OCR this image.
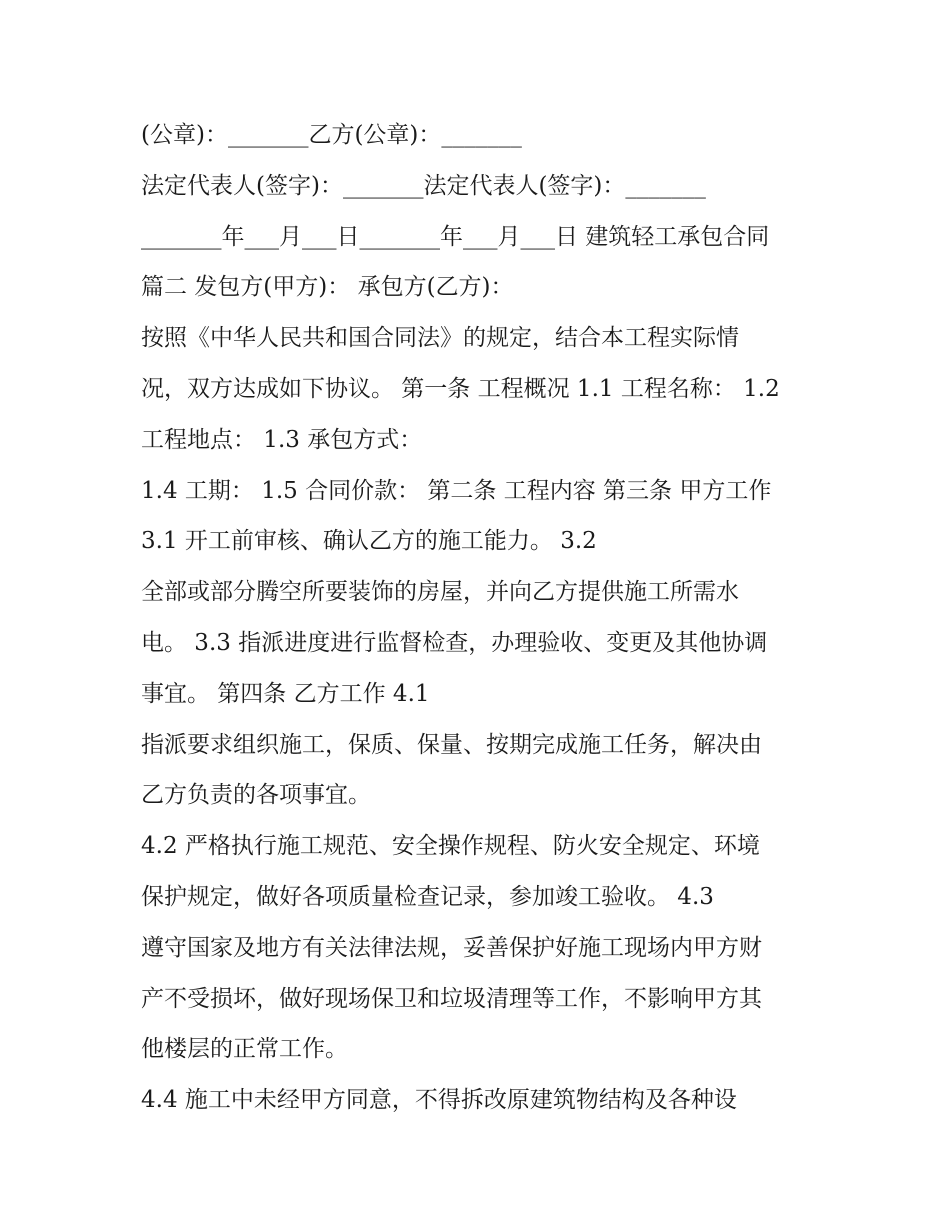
(公章)：_______乙方(公章)：_______
法定代表人(签字)：_______法定代表人(签字)：_______
_______年___月___日_______年___月___日 建筑轻工承包合同
篇二 发包方(甲方)： 承包方(乙方)：
按照《中华人民共和国合同法》的规定，结合本工程实际情
况，双方达成如下协议。 第一条 工程概况 1.1 工程名称： 1.2
工程地点： 1.3 承包方式：
1.4 工期： 1.5 合同价款： 第二条 工程内容 第三条 甲方工作
3.1 开工前审核、确认乙方的施工能力。 3.2
全部或部分腾空所要装饰的房屋，并向乙方提供施工所需水
电。 3.3 指派进度进行监督检查，办理验收、变更及其他协调
事宜。 第四条 乙方工作 4.1
指派要求组织施工，保质、保量、按期完成施工任务，解决由
乙方负责的各项事宜。
4.2 严格执行施工规范、安全操作规程、防火安全规定、环境
保护规定，做好各项质量检查记录，参加竣工验收。 4.3
遵守国家及地方有关法律法规，妥善保护好施工现场内甲方财
产不受损坏，做好现场保卫和垃圾清理等工作，不影响甲方其
他楼层的正常工作。
4.4 施工中未经甲方同意，不得拆改原建筑物结构及各种设
